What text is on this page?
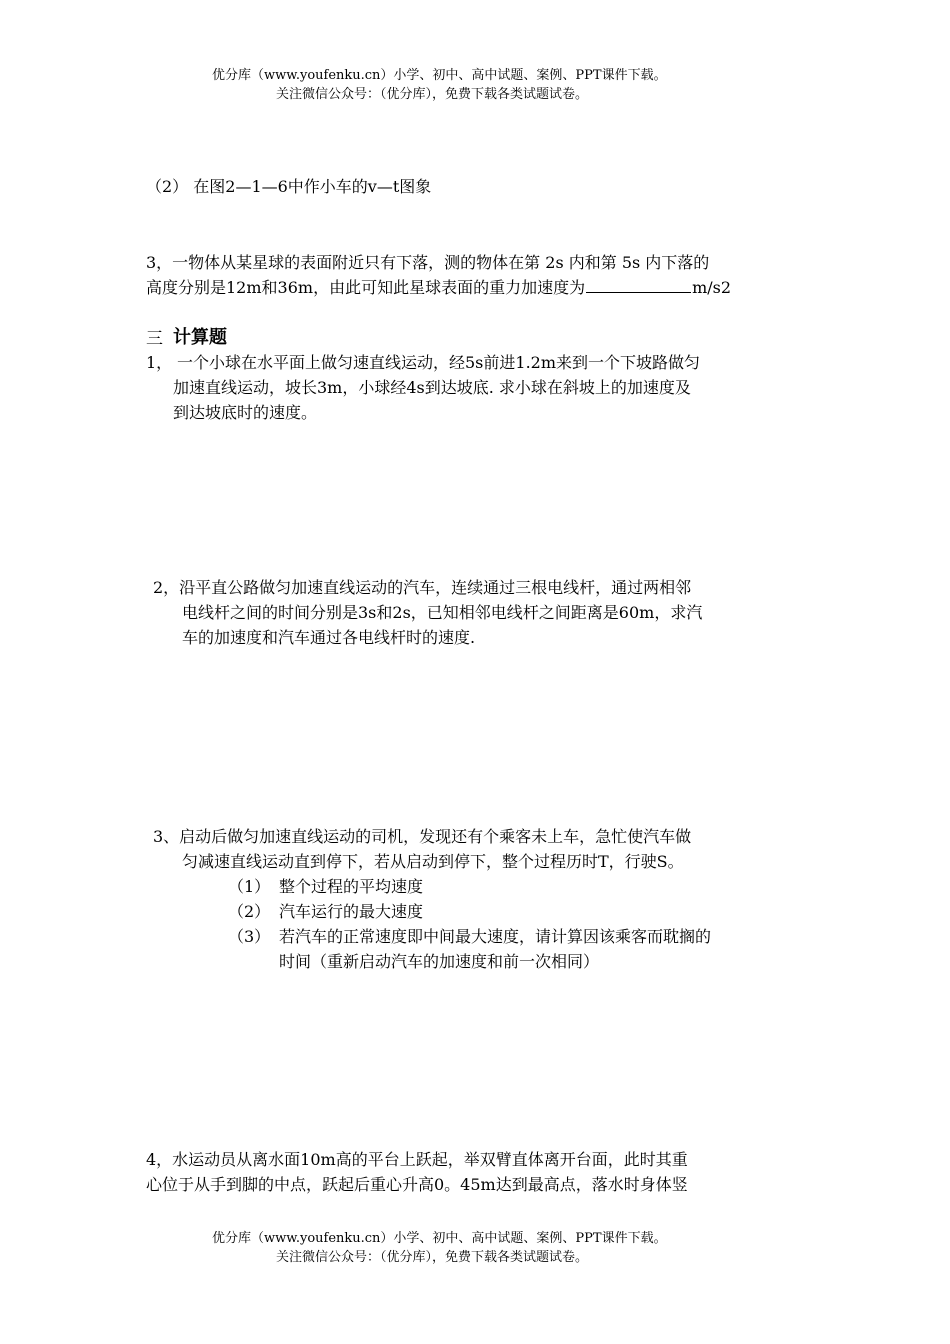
优分库（www.youfenku.cn）小学、初中、高中试题、案例、PPT课件下载。
关注微信公众号：（优分库），免费下载各类试题试卷。
（2） 在图2—1—6中作小车的v—t图象
3，一物体从某星球的表面附近只有下落，测的物体在第 2s 内和第 5s 内下落的
高度分别是12m和36m，由此可知此星球表面的重力加速度为	m/s2
三 计算题
1， 一个小球在水平面上做匀速直线运动，经5s前进1.2m来到一个下坡路做匀
加速直线运动，坡长3m，小球经4s到达坡底. 求小球在斜坡上的加速度及
到达坡底时的速度。
2，沿平直公路做匀加速直线运动的汽车，连续通过三根电线杆，通过两相邻
电线杆之间的时间分别是3s和2s，已知相邻电线杆之间距离是60m，求汽
车的加速度和汽车通过各电线杆时的速度.
3、启动后做匀加速直线运动的司机，发现还有个乘客未上车，急忙使汽车做
匀减速直线运动直到停下，若从启动到停下，整个过程历时T，行驶S。
（1） 整个过程的平均速度
（2） 汽车运行的最大速度
（3） 若汽车的正常速度即中间最大速度，请计算因该乘客而耽搁的
时间（重新启动汽车的加速度和前一次相同）
4，水运动员从离水面10m高的平台上跃起，举双臂直体离开台面，此时其重
心位于从手到脚的中点，跃起后重心升高0。45m达到最高点，落水时身体竖
优分库（www.youfenku.cn）小学、初中、高中试题、案例、PPT课件下载。
关注微信公众号：（优分库），免费下载各类试题试卷。
